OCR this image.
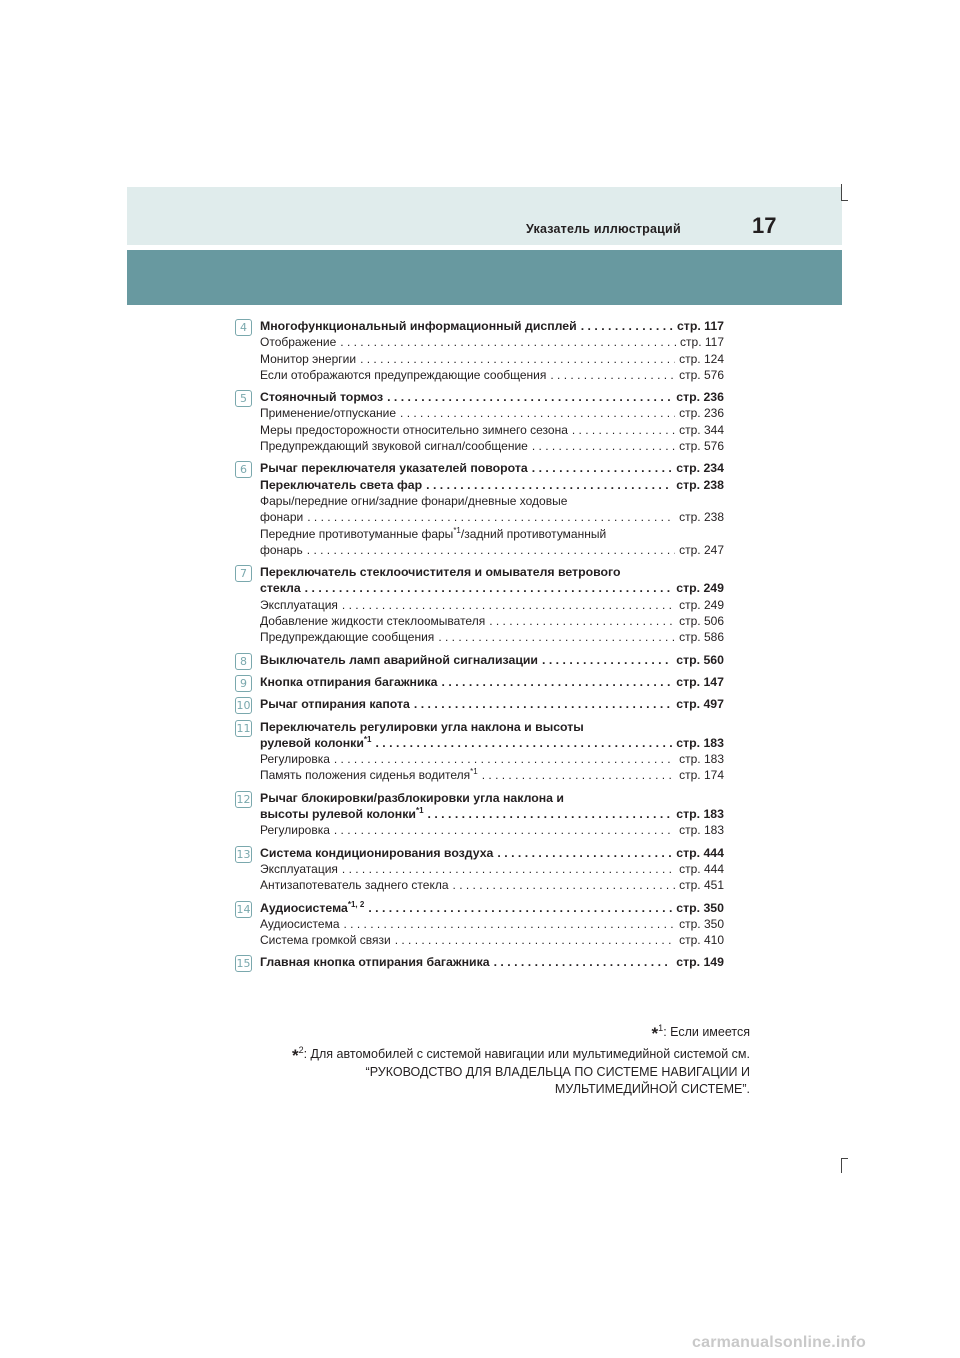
Указатель иллюстраций	17
4	Многофункциональный информационный дисплей . . .	стр. 117
Отображение . . .	стр. 117
Монитор энергии . . .	стр. 124
Если отображаются предупреждающие сообщения . . .	стр. 576
5	Стояночный тормоз . . .	стр. 236
Применение/отпускание . . .	стр. 236
Меры предосторожности относительно зимнего сезона . . .	стр. 344
Предупреждающий звуковой сигнал/сообщение . . .	стр. 576
6	Рычаг переключателя указателей поворота . . .	стр. 234
Переключатель света фар . . .	стр. 238
Фары/передние огни/задние фонари/дневные ходовые
фонари . . .	стр. 238
Передние противотуманные фары$^{*1}$/задний противотуманный
фонарь . . .	стр. 247
7	Переключатель стеклоочистителя и омывателя ветрового
стекла . . .	стр. 249
Эксплуатация . . .	стр. 249
Добавление жидкости стеклоомывателя . . .	стр. 506
Предупреждающие сообщения . . .	стр. 586
8	Выключатель ламп аварийной сигнализации . . .	стр. 560
9	Кнопка отпирания багажника . . .	стр. 147
10 Рычаг отпирания капота . . .	стр. 497
11 Переключатель регулировки угла наклона и высоты
рулевой колонки$^{*1}$ . . .	стр. 183
Регулировка . . .	стр. 183
Память положения сиденья водителя$^{*1}$ . . .	стр. 174
12 Рычаг блокировки/разблокировки угла наклона и
высоты рулевой колонки$^{*1}$ . . .	стр. 183
Регулировка . . .	стр. 183
13 Система кондиционирования воздуха . . .	стр. 444
Эксплуатация . . .	стр. 444
Антизапотеватель заднего стекла . . .	стр. 451
14 Аудиосистема$^{*1, 2}$ . . .	стр. 350
Аудиосистема . . .	стр. 350
Система громкой связи . . .	стр. 410
15 Главная кнопка отпирания багажника . . .	стр. 149
*$^1$: Если имеется
*$^2$: Для автомобилей с системой навигации или мультимедийной системой см. “РУКОВОДСТВО ДЛЯ ВЛАДЕЛЬЦА ПО СИСТЕМЕ НАВИГАЦИИ И МУЛЬТИМЕДИЙНОЙ СИСТЕМЕ”.
carmanualsonline.info
